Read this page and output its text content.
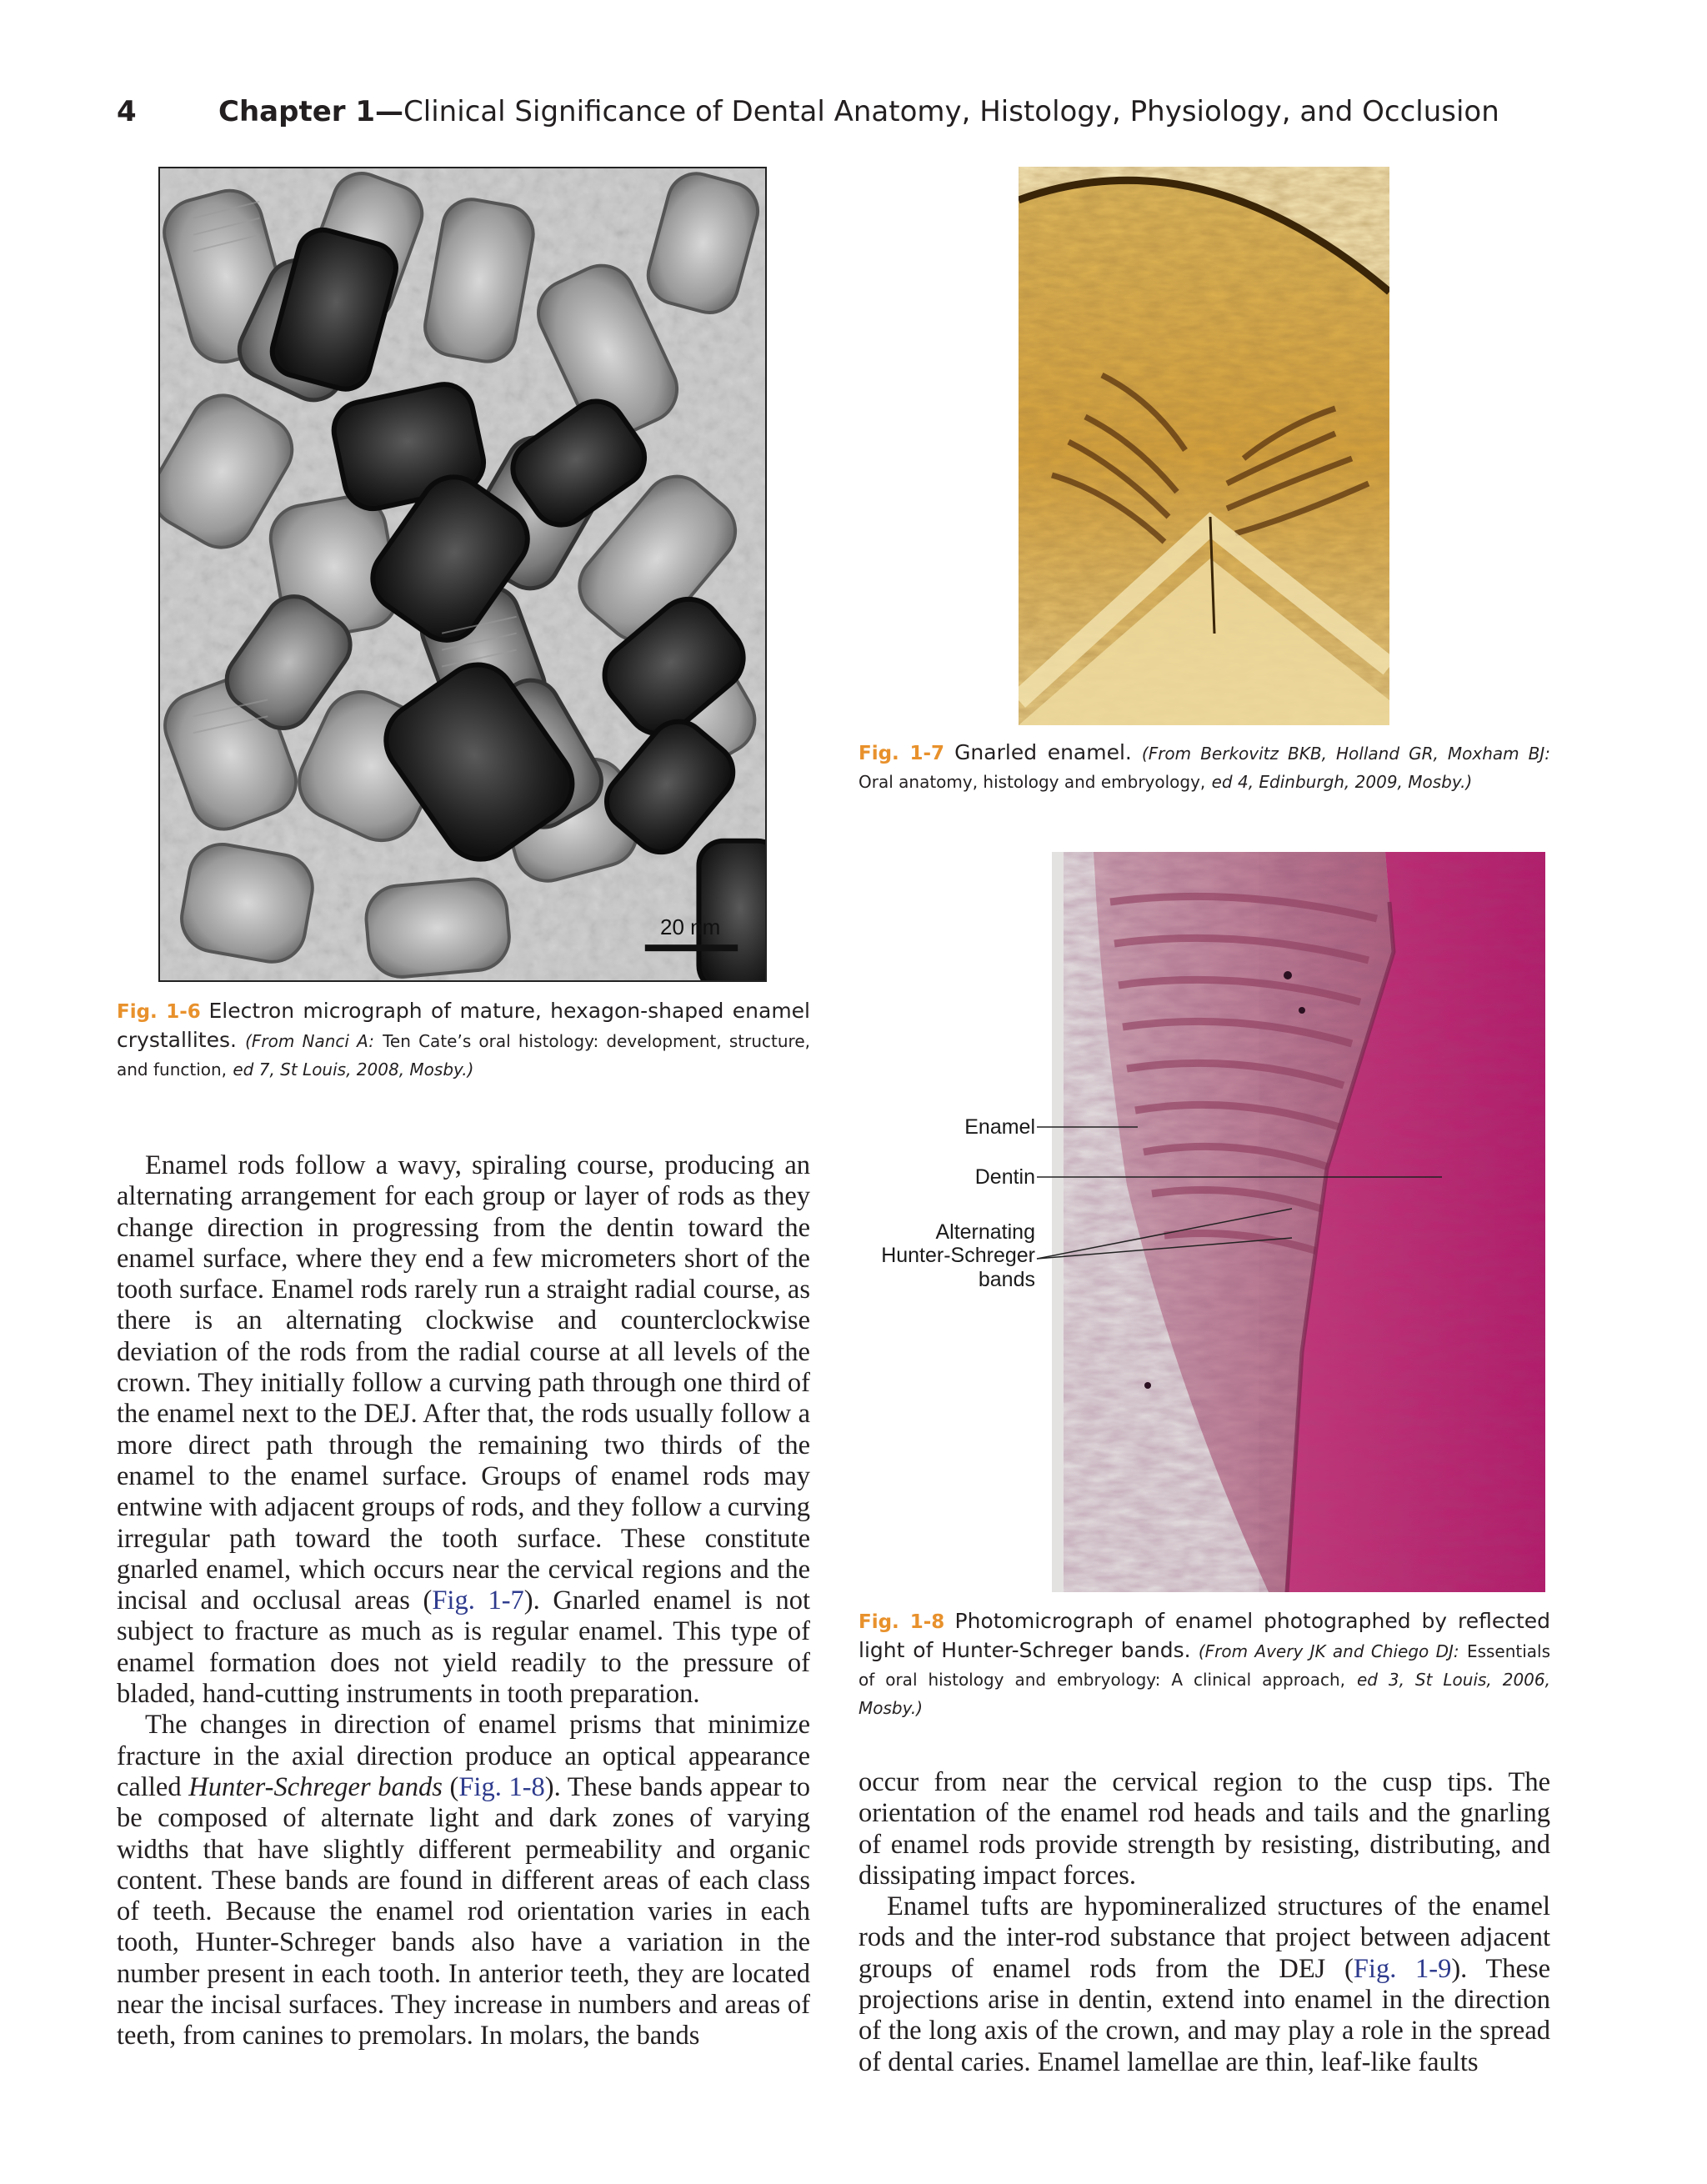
4	Chapter 1—Clinical Significance of Dental Anatomy, Histology, Physiology, and Occlusion
20 nm
Fig. 1-6 Electron micrograph of mature, hexagon-shaped enamel crystallites. (From Nanci A: Ten Cate’s oral histology: development, structure, and function, ed 7, St Louis, 2008, Mosby.)
Fig. 1-7 Gnarled enamel. (From Berkovitz BKB, Holland GR, Moxham BJ: Oral anatomy, histology and embryology, ed 4, Edinburgh, 2009, Mosby.)
Enamel
Dentin
Alternating
Hunter-Schreger
bands
Fig. 1-8 Photomicrograph of enamel photographed by reflected light of Hunter-Schreger bands. (From Avery JK and Chiego DJ: Essentials of oral histology and embryology: A clinical approach, ed 3, St Louis, 2006, Mosby.)

Enamel rods follow a wavy, spiraling course, producing an alternating arrangement for each group or layer of rods as they change direction in progressing from the dentin toward the enamel surface, where they end a few micrometers short of the tooth surface. Enamel rods rarely run a straight radial course, as there is an alternating clockwise and counterclockwise deviation of the rods from the radial course at all levels of the crown. They initially follow a curving path through one third of the enamel next to the DEJ. After that, the rods usually follow a more direct path through the remaining two thirds of the enamel to the enamel surface. Groups of enamel rods may entwine with adjacent groups of rods, and they follow a curving irregular path toward the tooth surface. These constitute gnarled enamel, which occurs near the cervical regions and the incisal and occlusal areas (Fig. 1-7). Gnarled enamel is not subject to fracture as much as is regular enamel. This type of enamel formation does not yield readily to the pressure of bladed, hand-cutting instruments in tooth preparation.

The changes in direction of enamel prisms that minimize fracture in the axial direction produce an optical appearance called Hunter-Schreger bands (Fig. 1-8). These bands appear to be composed of alternate light and dark zones of varying widths that have slightly different permeability and organic content. These bands are found in different areas of each class of teeth. Because the enamel rod orientation varies in each tooth, Hunter-Schreger bands also have a variation in the number present in each tooth. In anterior teeth, they are located near the incisal surfaces. They increase in numbers and areas of teeth, from canines to premolars. In molars, the bands

occur from near the cervical region to the cusp tips. The orientation of the enamel rod heads and tails and the gnarling of enamel rods provide strength by resisting, distributing, and dissipating impact forces.

Enamel tufts are hypomineralized structures of the enamel rods and the inter-rod substance that project between adjacent groups of enamel rods from the DEJ (Fig. 1-9). These projections arise in dentin, extend into enamel in the direction of the long axis of the crown, and may play a role in the spread of dental caries. Enamel lamellae are thin, leaf-like faults
